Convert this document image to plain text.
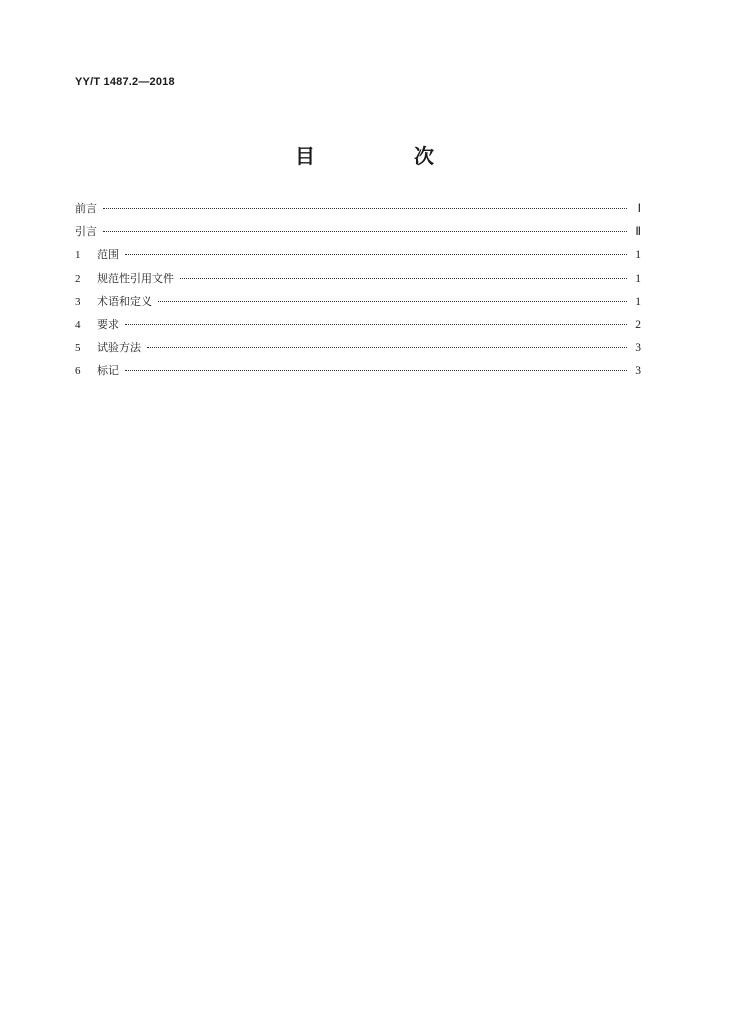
YY/T 1487.2—2018
目 次
前言	Ⅰ
引言	Ⅱ
1	范围	1
2	规范性引用文件	1
3	术语和定义	1
4	要求	2
5	试验方法	3
6	标记	3
